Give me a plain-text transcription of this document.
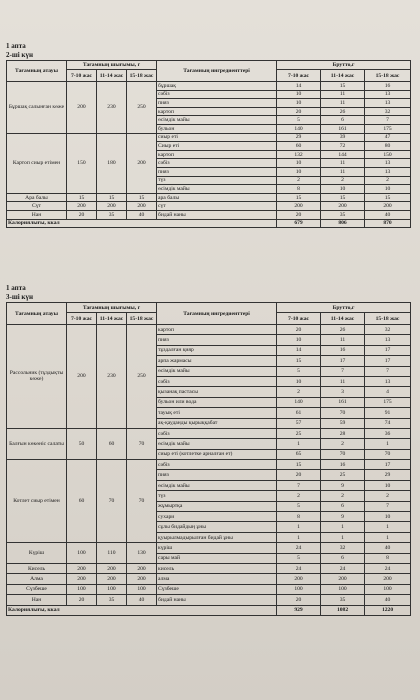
1 апта
2-ші күн
Тағамның атауы	Тағамның шығымы, г			Тағамның ингредиенттері	Брутто,г		
	7-10 жас	11-14 жас	15-18 жас		7-10 жас	11-14 жас	15-18 жас
Бұршақ салынған көже	200	230	250	бұршақ	14	15	16
				сәбіз	10	11	13
				пияз	10	11	13
				картоп	20	26	32
				өсімдік майы	5	6	7
				бульон	140	161	175
Картоп сиыр етімен	150	180	200	сиыр еті	29	39	47
				Сиыр еті	60	72	80
				картоп	132	144	150
				сәбіз	10	11	13
				пияз	10	11	13
				түз	2	2	2
				өсімдік майы	8	10	10
Ара балы	15	15	15	ара балы	15	15	15
Сүт	200	200	200	сүт	200	200	200
Нан	20	35	40	бидай наны	20	35	40
Калориялығы, ккал					679	806	870
1 апта
3-ші күн
Тағамның атауы	Тағамның шығымы, г			Тағамның ингредиенттері	Брутто,г		
	7-10 жас	11-14 жас	15-18 жас		7-10 жас	11-14 жас	15-18 жас
Рассольник (тұздықты көже)	200	230	250	картоп	20	26	32
				пияз	10	11	13
				тұздалған қияр	14	16	17
				арпа жармасы	15	17	17
				өсімдік майы	5	7	7
				сәбіз	10	11	13
				қызанақ пастасы	2	3	4
				бульон или вода	140	161	175
				тауық еті	61	70	91
				ақ-қауданды қырыққабат	57	59	74
Балғын көкөніс салаты	50	60	70	сәбіз	25	28	36
				өсімдік майы	1	2	1
				сиыр еті (котлетке арналған ет)	65	70	70
Котлет сиыр етімен	60	70	70	сәбіз	15	16	17
				пияз	20	25	29
				өсімдік майы	7	9	10
				түз	2	2	2
				жұмыртқа	5	6	7
				сухари	8	9	10
				сұлы бидайдың ұны	1	1	1
				қуырылмадырылған бидай ұны	1	1	1
Күріш	100	110	130	күріш	24	32	40
				сары май	5	6	8
Кисель	200	200	200	кисель	24	24	24
Алма	200	200	200	алма	200	200	200
Сүзбеше	100	100	100	Сүзбеше	100	100	100
Нан	20	35	40	бидай наны	20	35	40
Калориялығы, ккал					929	1082	1220
